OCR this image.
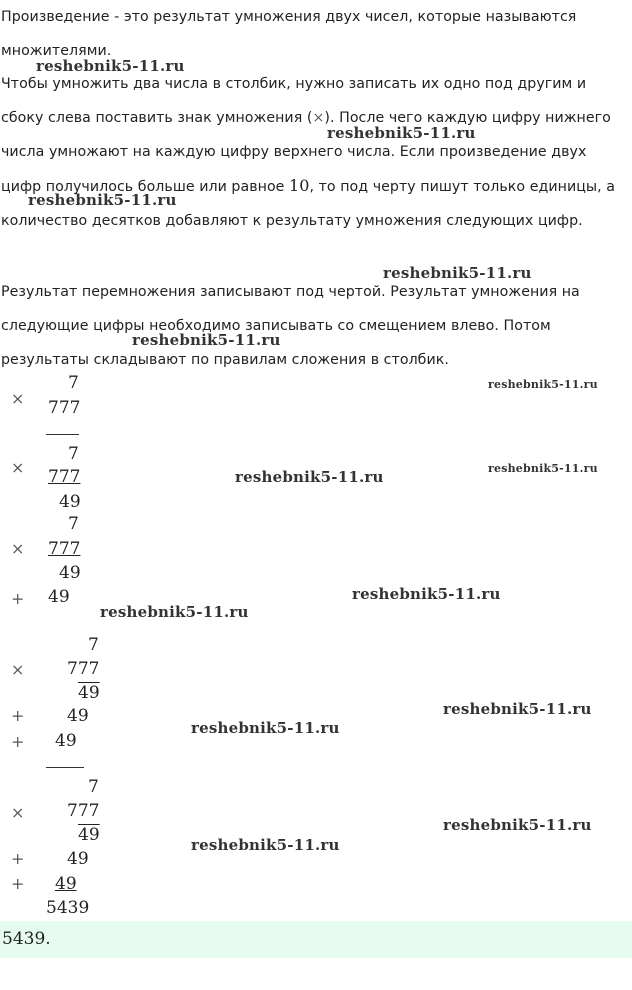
Произведение - это результат умножения двух чисел, которые называются множителями.

Чтобы умножить два числа в столбик, нужно записать их одно под другим и сбоку слева поставить знак умножения (×). После чего каждую цифру нижнего числа умножают на каждую цифру верхнего числа. Если произведение двух цифр получилось больше или равное 10, то под черту пишут только единицы, а количество десятков добавляют к результату умножения следующих цифр.

Результат перемножения записывают под чертой. Результат умножения на следующие цифры необходимо записывать со смещением влево. Потом результаты складывают по правилам сложения в столбик.

reshebnik5-11.ru
reshebnik5-11.ru
reshebnik5-11.ru
reshebnik5-11.ru
reshebnik5-11.ru
reshebnik5-11.ru
reshebnik5-11.ru
reshebnik5-11.ru
reshebnik5-11.ru
reshebnik5-11.ru
reshebnik5-11.ru
reshebnik5-11.ru
reshebnik5-11.ru
reshebnik5-11.ru
7
× 777
7
× 777
49
7
× 777
49
+ 49
7
×	777
49
+	49
+ 49
7
×	777
49
+	49
+ 49
5439
5439.
